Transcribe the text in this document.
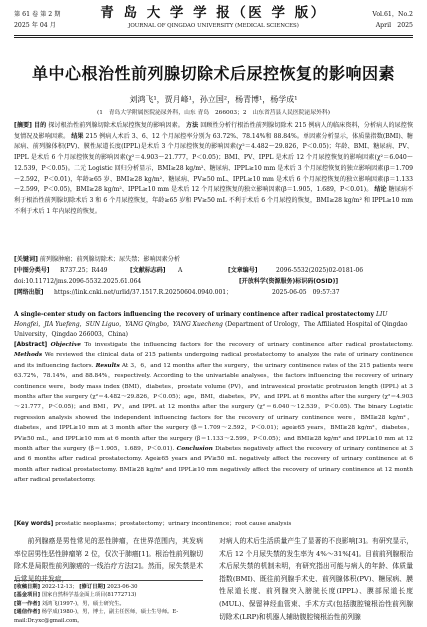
第 61 卷 第 2 期
2025 年 04 月
青 岛 大 学 学 报（医 学 版）
JOURNAL OF QINGDAO UNIVERSITY (MEDICAL SCIENCES)
Vol.61，No.2
April　2025
单中心根治性前列腺切除术后尿控恢复的影响因素
刘鸿飞¹，贾月峰¹，孙立国²，杨青博¹，杨学成¹
(1　青岛大学附属医院泌尿外科，山东 青岛　266003；2　山东省莒县人民医院泌尿外科)
[摘要] 目的 探讨根治性前列腺切除术后尿控恢复的影响因素。 方法 回顾性分析行根治性前列腺切除术 215 例病人的临床资料，分析病人的尿控恢复情况及影响因素。 结果 215 例病人术后 3、6、12 个月尿控率分别为 63.72%、78.14%和 88.84%。单因素分析显示，体质量指数(BMI)、糖尿病、前列腺体积(PV)、膜性尿道长度(IPPL)是术后 3 个月尿控恢复的影响因素(χ²＝4.482～29.826，P＜0.05)；年龄、BMI、糖尿病、PV、IPPL 是术后 6 个月尿控恢复的影响因素(χ²＝4.903～21.777，P＜0.05)；BMI、PV、IPPL 是术后 12 个月尿控恢复的影响因素(χ²＝6.040～12.539，P＜0.05)。二元 Logistic 回归分析显示，BMI≥28 kg/m²、糖尿病、IPPL≥10 mm 是术后 3 个月尿控恢复的独立影响因素(β＝1.709～2.592，P＜0.01)，年龄≥65 岁、BMI≥28 kg/m²、糖尿病、PV≥50 mL、IPPL≥10 mm 是术后 6 个月尿控恢复的独立影响因素(β＝1.133～2.599，P＜0.05)，BMI≥28 kg/m²、IPPL≥10 mm 是术后 12 个月尿控恢复的独立影响因素(β＝1.905，1.689，P＜0.01)。 结论 糖尿病不利于根治性前列腺切除术后 3 和 6 个月尿控恢复，年龄≥65 岁和 PV≥50 mL 不利于术后 6 个月尿控的恢复，BMI≥28 kg/m² 和 IPPL≥10 mm 不利于术后 1 年内尿控的恢复。
[关键词] 前列腺肿瘤；前列腺切除术；尿失禁；影响因素分析
[中图分类号] R737.25；R449	[文献标志码] A	[文章编号]	2096-5532(2025)02-0181-06
doi:10.11712/jms.2096-5532.2025.61.064	[开放科学(资源服务)标识码(OSID)]
[网络出版] https://link.cnki.net/urlid/37.1517.R.20250604.0940.001；	2025-06-05　09:57:37
A single-center study on factors influencing the recovery of urinary continence after radical prostatectomy LIU Hongfei，JIA Yuefeng，SUN Liguo，YANG Qingbo，YANG Xuecheng (Department of Urology，The Affiliated Hospital of Qingdao University，Qingdao 266003，China)
[Abstract] Objective To investigate the influencing factors for the recovery of urinary continence after radical prostatectomy. Methods We reviewed the clinical data of 215 patients undergoing radical prostatectomy to analyze the rate of urinary continence and its influencing factors. Results At 3，6，and 12 months after the surgery，the urinary continence rates of the 215 patients were 63.72%，78.14%，and 88.84%，respectively. According to the univariable analyses，the factors influencing the recovery of urinary continence were，body mass index (BMI)，diabetes，prostate volume (PV)，and intravesical prostatic protrusion length (IPPL) at 3 months after the surgery (χ²＝4.482～29.826，P＜0.05)；age，BMI，diabetes，PV，and IPPL at 6 months after the surgery (χ²＝4.903～21.777，P＜0.05)；and BMI，PV，and IPPL at 12 months after the surgery (χ²＝6.040～12.539，P＜0.05). The binary Logistic regression analysis showed the independent influencing factors for the recovery of urinary continence were，BMI≥28 kg/m²，diabetes，and IPPL≥10 mm at 3 month after the surgery (β＝1.709～2.592，P＜0.01)；age≥65 years，BMI≥28 kg/m²，diabetes，PV≥50 mL，and IPPL≥10 mm at 6 month after the surgery (β＝1.133～2.599，P＜0.05)；and BMI≥28 kg/m² and IPPL≥10 mm at 12 month after the surgery (β＝1.905，1.689，P＜0.01). Conclusion Diabetes negatively affect the recovery of urinary continence at 3 and 6 months after radical prostatectomy. Age≥65 years and PV≥50 mL negatively affect the recovery of urinary continence at 6 month after radical prostatectomy. BMI≥28 kg/m² and IPPL≥10 mm negatively affect the recovery of urinary continence at 12 month after radical prostatectomy.
[Key words] prostatic neoplasms；prostatectomy；urinary incontinence；root cause analysis

前列腺癌是男性常见的恶性肿瘤，在世界范围内，其发病率位居男性恶性肿瘤第 2 位，仅次于肺癌[1]。根治性前列腺切除术是局限性前列腺癌的一线治疗方法[2]。然而，尿失禁是术后常见的并发症，

对病人的术后生活质量产生了显著的不良影响[3]。有研究显示，术后 12 个月尿失禁的发生率为 4%～31%[4]。目前前列腺根治术后尿失禁的机制未明，有研究指出可能与病人的年龄、体质量指数(BMI)、既往前列腺手术史、前列腺体积(PV)、糖尿病、膜性尿道长度、前列腺突入膀胱长度(IPPL)、膜部尿道长度(MUL)、保留神经血管束、手术方式(包括腹腔镜根治性前列腺切除术(LRP)和机器人辅助腹腔镜根治性前列腺

[收稿日期] 2022-12-13； [修订日期] 2023-06-30
[基金项目] 国家自然科学基金面上项目(81772713)
[第一作者] 刘鸿飞(1997-)，男，硕士研究生。
[通信作者] 杨学成(1980-)，男，博士，副主任医师，硕士生导师。E-mail:Dr.yxc@gmail.com。
